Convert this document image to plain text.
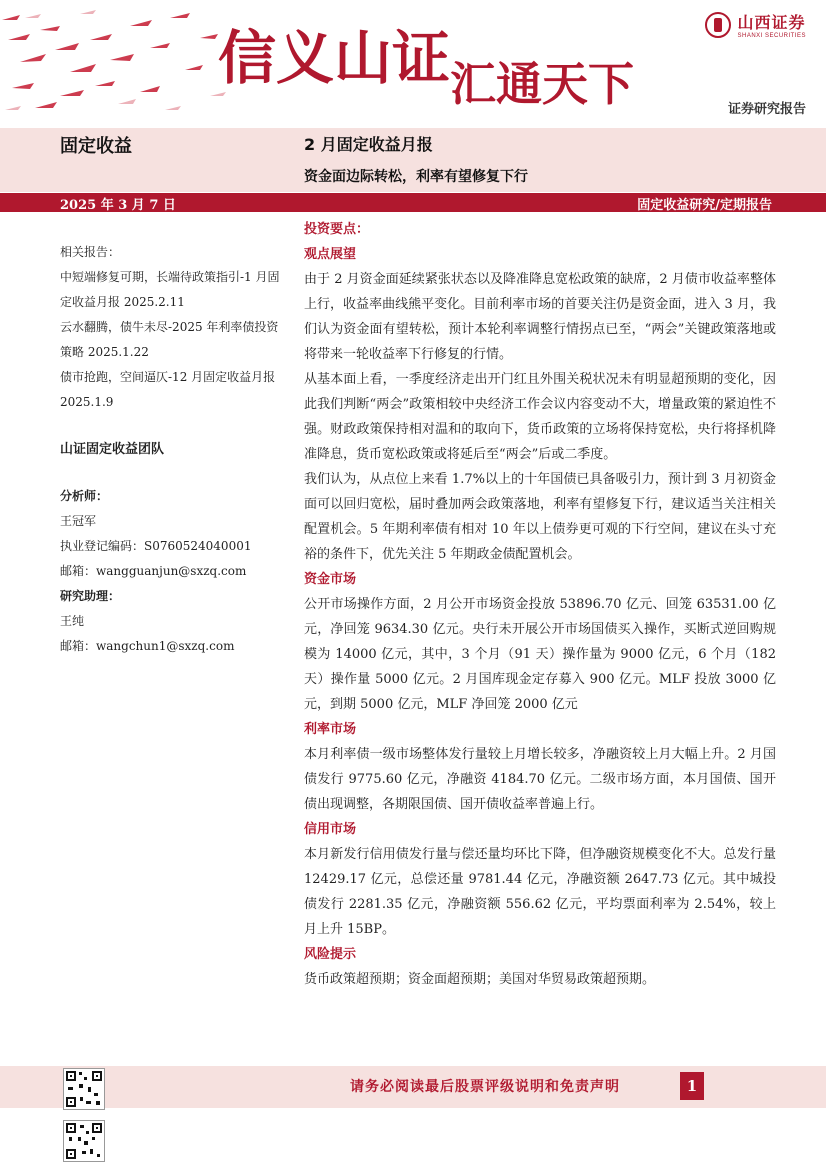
信义山证 汇通天下
山西证券
SHANXI SECURITIES
证券研究报告
固定收益	2 月固定收益月报
资金面边际转松，利率有望修复下行
2025 年 3 月 7 日	固定收益研究/定期报告

相关报告：

中短端修复可期，长端待政策指引-1 月固定收益月报 2025.2.11

云水翻腾，债牛未尽-2025 年利率债投资策略 2025.1.22

债市抢跑，空间逼仄-12 月固定收益月报 2025.1.9

山证固定收益团队

分析师：

王冠军

执业登记编码：S0760524040001

邮箱：wangguanjun@sxzq.com

研究助理：

王纯

邮箱：wangchun1@sxzq.com

投资要点：
观点展望

由于 2 月资金面延续紧张状态以及降准降息宽松政策的缺席，2 月债市收益率整体上行，收益率曲线熊平变化。目前利率市场的首要关注仍是资金面，进入 3 月，我们认为资金面有望转松，预计本轮利率调整行情拐点已至，“两会”关键政策落地或将带来一轮收益率下行修复的行情。

从基本面上看，一季度经济走出开门红且外围关税状况未有明显超预期的变化，因此我们判断“两会”政策相较中央经济工作会议内容变动不大，增量政策的紧迫性不强。财政政策保持相对温和的取向下，货币政策的立场将保持宽松，央行将择机降准降息，货币宽松政策或将延后至“两会”后或二季度。

我们认为，从点位上来看 1.7%以上的十年国债已具备吸引力，预计到 3 月初资金面可以回归宽松，届时叠加两会政策落地，利率有望修复下行，建议适当关注相关配置机会。5 年期利率债有相对 10 年以上债券更可观的下行空间，建议在头寸充裕的条件下，优先关注 5 年期政金债配置机会。

资金市场

公开市场操作方面，2 月公开市场资金投放 53896.70 亿元、回笼 63531.00 亿元，净回笼 9634.30 亿元。央行未开展公开市场国债买入操作，买断式逆回购规模为 14000 亿元，其中，3 个月（91 天）操作量为 9000 亿元，6 个月（182 天）操作量 5000 亿元。2 月国库现金定存募入 900 亿元。MLF 投放 3000 亿元，到期 5000 亿元，MLF 净回笼 2000 亿元

利率市场

本月利率债一级市场整体发行量较上月增长较多，净融资较上月大幅上升。2 月国债发行 9775.60 亿元，净融资 4184.70 亿元。二级市场方面，本月国债、国开债出现调整，各期限国债、国开债收益率普遍上行。

信用市场

本月新发行信用债发行量与偿还量均环比下降，但净融资规模变化不大。总发行量 12429.17 亿元，总偿还量 9781.44 亿元，净融资额 2647.73 亿元。其中城投债发行 2281.35 亿元，净融资额 556.62 亿元，平均票面利率为 2.54%，较上月上升 15BP。

风险提示

货币政策超预期；资金面超预期；美国对华贸易政策超预期。

请务必阅读最后股票评级说明和免责声明	1
